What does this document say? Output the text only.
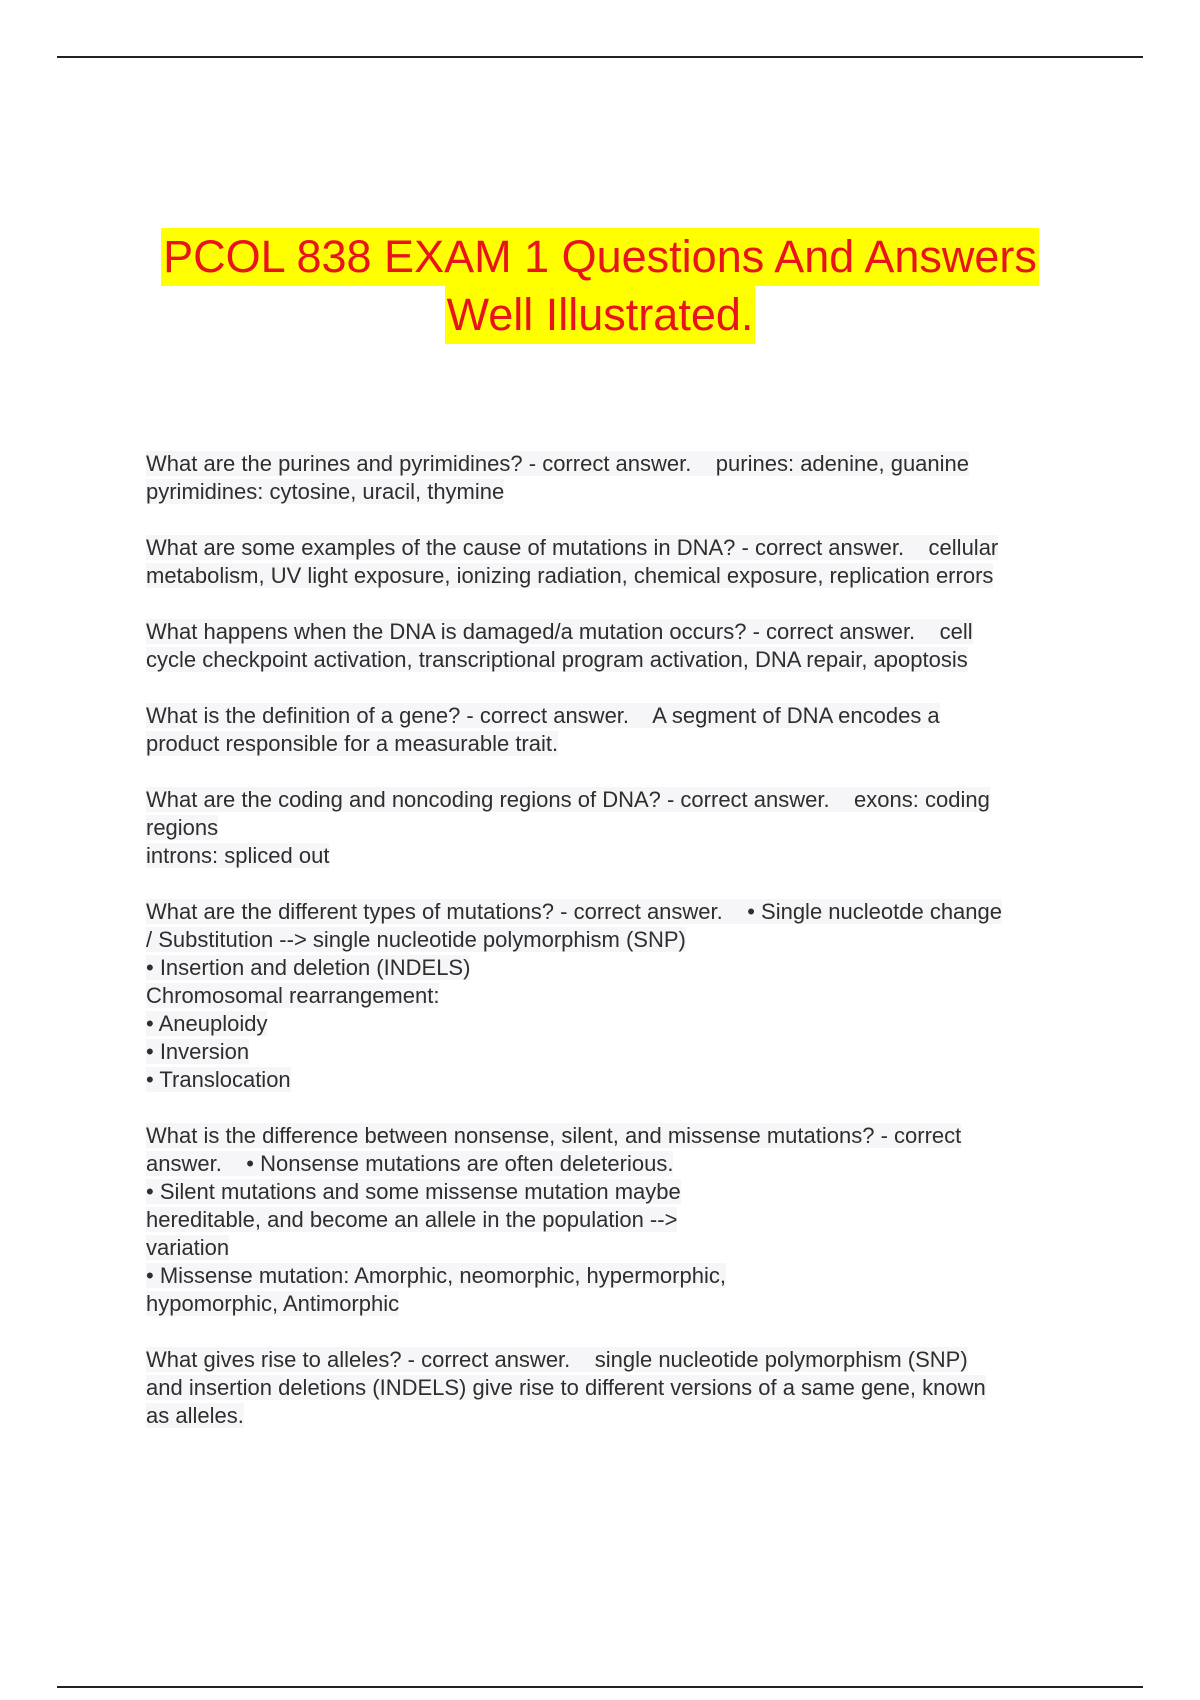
PCOL 838 EXAM 1 Questions And Answers
Well Illustrated.
What are the purines and pyrimidines? - correct answer.    purines: adenine, guanine
pyrimidines: cytosine, uracil, thymine
What are some examples of the cause of mutations in DNA? - correct answer.    cellular
metabolism, UV light exposure, ionizing radiation, chemical exposure, replication errors
What happens when the DNA is damaged/a mutation occurs? - correct answer.    cell
cycle checkpoint activation, transcriptional program activation, DNA repair, apoptosis
What is the definition of a gene? - correct answer.    A segment of DNA encodes a
product responsible for a measurable trait.
What are the coding and noncoding regions of DNA? - correct answer.    exons: coding
regions
introns: spliced out
What are the different types of mutations? - correct answer.    • Single nucleotde change
/ Substitution --> single nucleotide polymorphism (SNP)
• Insertion and deletion (INDELS)
Chromosomal rearrangement:
• Aneuploidy
• Inversion
• Translocation
What is the difference between nonsense, silent, and missense mutations? - correct
answer.    • Nonsense mutations are often deleterious.
• Silent mutations and some missense mutation maybe
hereditable, and become an allele in the population -->
variation
• Missense mutation: Amorphic, neomorphic, hypermorphic,
hypomorphic, Antimorphic
What gives rise to alleles? - correct answer.    single nucleotide polymorphism (SNP)
and insertion deletions (INDELS) give rise to different versions of a same gene, known
as alleles.
